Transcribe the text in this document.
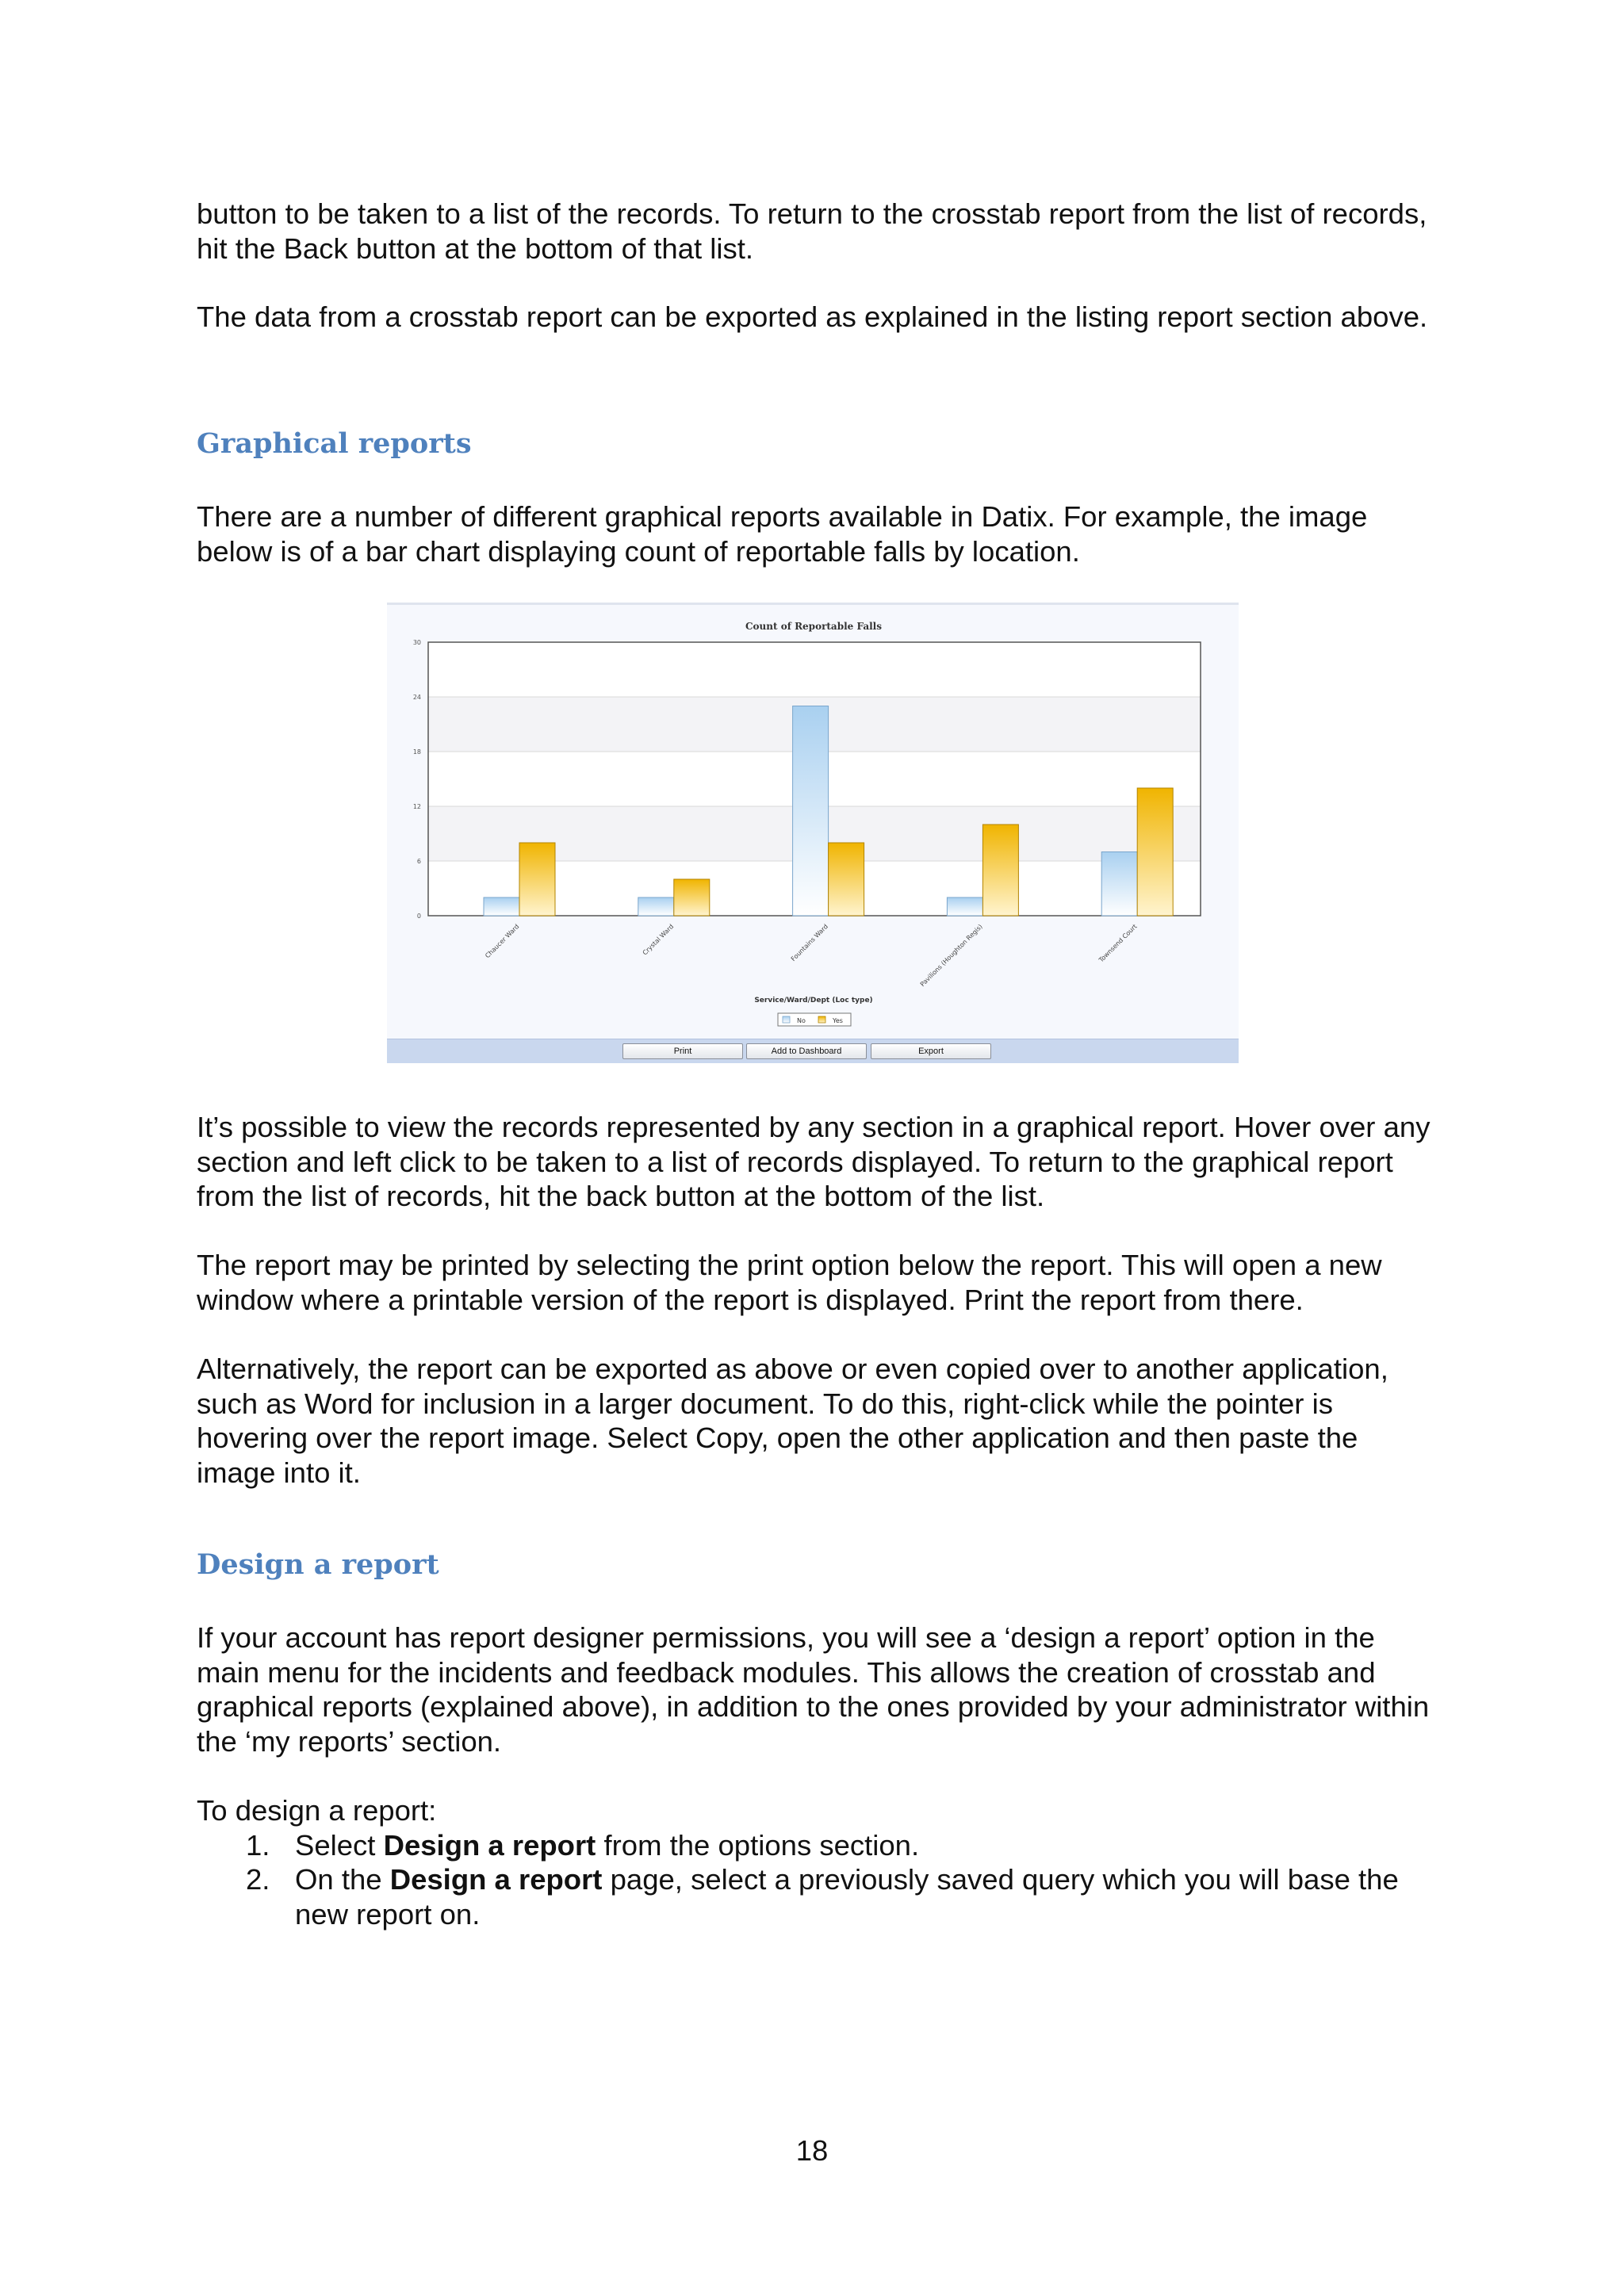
button to be taken to a list of the records. To return to the crosstab report from the list of records, hit the Back button at the bottom of that list.

The data from a crosstab report can be exported as explained in the listing report section above.

Graphical reports

There are a number of different graphical reports available in Datix. For example, the image below is of a bar chart displaying count of reportable falls by location.

Count of Reportable Falls
0
6
12
18
24
30
Chaucer Ward	Crystal Ward	Fountains Ward	Pavilions (Houghton Regis)	Townsend Court
Service/Ward/Dept (Loc type)
No	Yes
Print	Add to Dashboard	Export

It’s possible to view the records represented by any section in a graphical report. Hover over any section and left click to be taken to a list of records displayed. To return to the graphical report from the list of records, hit the back button at the bottom of the list.

The report may be printed by selecting the print option below the report. This will open a new window where a printable version of the report is displayed. Print the report from there.

Alternatively, the report can be exported as above or even copied over to another application, such as Word for inclusion in a larger document. To do this, right-click while the pointer is hovering over the report image. Select Copy, open the other application and then paste the image into it.

Design a report

If your account has report designer permissions, you will see a ‘design a report’ option in the main menu for the incidents and feedback modules. This allows the creation of crosstab and graphical reports (explained above), in addition to the ones provided by your administrator within the ‘my reports’ section.

To design a report:
1. Select Design a report from the options section.
2. On the Design a report page, select a previously saved query which you will base the new report on.
18
